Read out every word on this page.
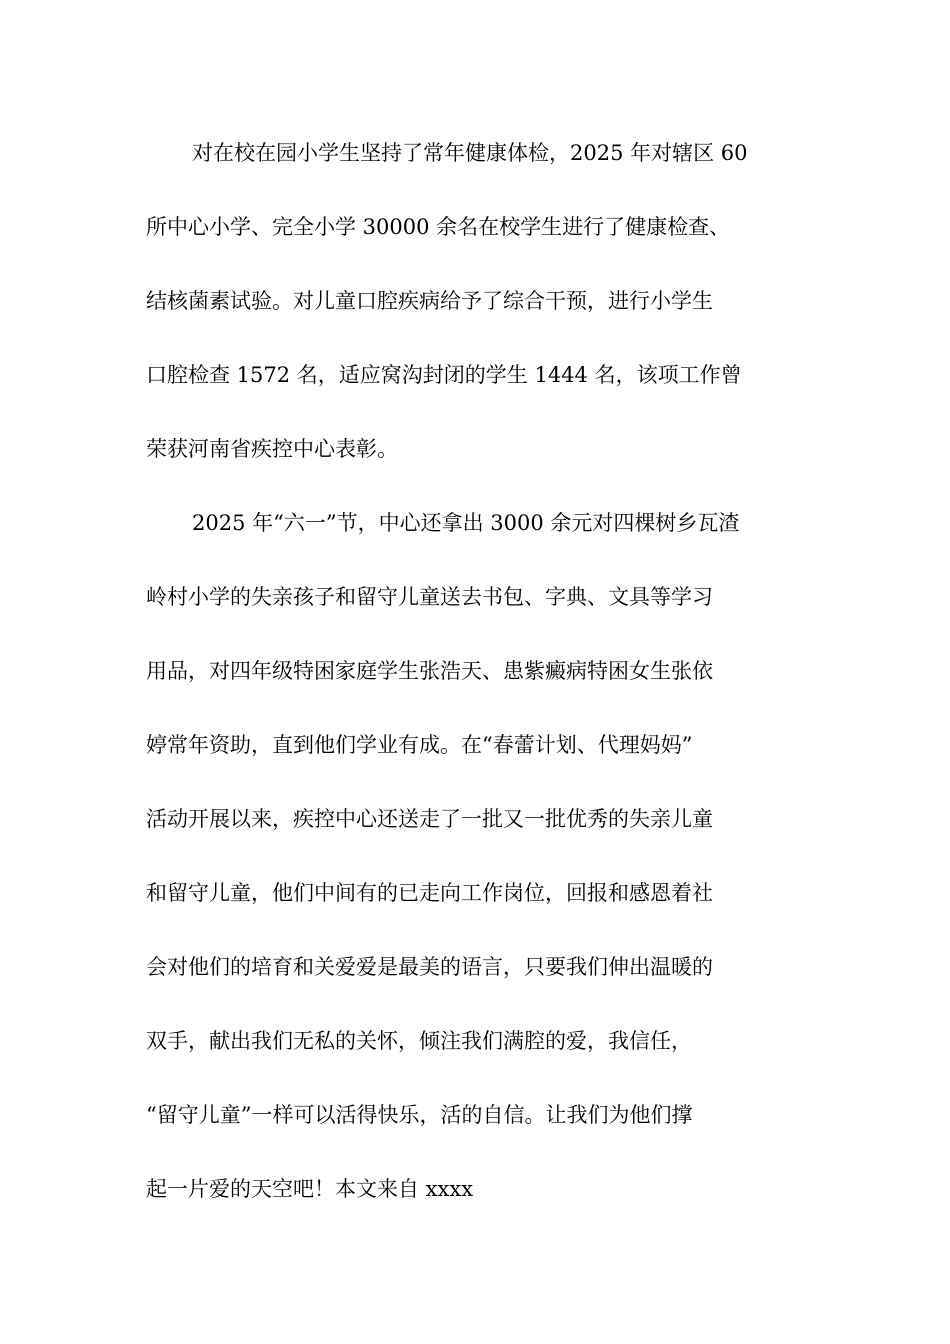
对在校在园小学生坚持了常年健康体检，2025 年对辖区 60
所中心小学、完全小学 30000 余名在校学生进行了健康检查、
结核菌素试验。对儿童口腔疾病给予了综合干预，进行小学生
口腔检查 1572 名，适应窝沟封闭的学生 1444 名，该项工作曾
荣获河南省疾控中心表彰。
2025 年“六一”节，中心还拿出 3000 余元对四棵树乡瓦渣
岭村小学的失亲孩子和留守儿童送去书包、字典、文具等学习
用品，对四年级特困家庭学生张浩天、患紫癜病特困女生张依
婷常年资助，直到他们学业有成。在“春蕾计划、代理妈妈”
活动开展以来，疾控中心还送走了一批又一批优秀的失亲儿童
和留守儿童，他们中间有的已走向工作岗位，回报和感恩着社
会对他们的培育和关爱爱是最美的语言，只要我们伸出温暖的
双手，献出我们无私的关怀，倾注我们满腔的爱，我信任，
“留守儿童”一样可以活得快乐，活的自信。让我们为他们撑
起一片爱的天空吧！本文来自 xxxx
